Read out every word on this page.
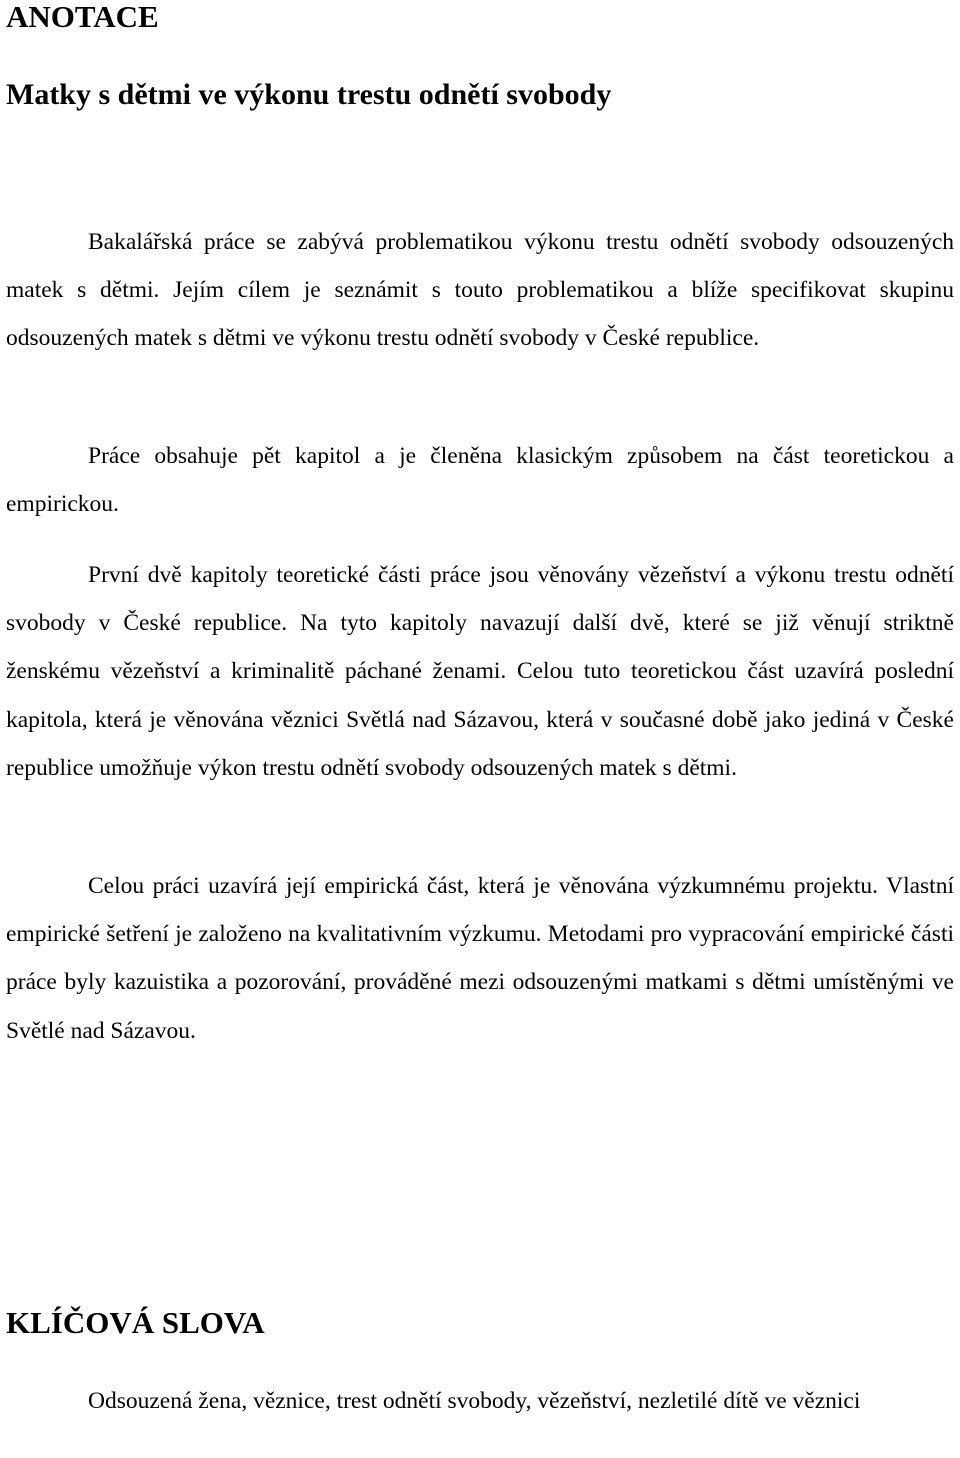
ANOTACE
Matky s dětmi ve výkonu trestu odnětí svobody

Bakalářská práce se zabývá problematikou výkonu trestu odnětí svobody odsouzených matek s dětmi. Jejím cílem je seznámit s touto problematikou a blíže specifikovat skupinu odsouzených matek s dětmi ve výkonu trestu odnětí svobody v České republice.

Práce obsahuje pět kapitol a je členěna klasickým způsobem na část teoretickou a empirickou.

První dvě kapitoly teoretické části práce jsou věnovány vězeňství a výkonu trestu odnětí svobody v České republice. Na tyto kapitoly navazují další dvě, které se již věnují striktně ženskému vězeňství a kriminalitě páchané ženami. Celou tuto teoretickou část uzavírá poslední kapitola, která je věnována věznici Světlá nad Sázavou, která v současné době jako jediná v České republice umožňuje výkon trestu odnětí svobody odsouzených matek s dětmi.

Celou práci uzavírá její empirická část, která je věnována výzkumnému projektu. Vlastní empirické šetření je založeno na kvalitativním výzkumu. Metodami pro vypracování empirické části práce byly kazuistika a pozorování, prováděné mezi odsouzenými matkami s dětmi umístěnými ve Světlé nad Sázavou.

KLÍČOVÁ SLOVA

Odsouzená žena, věznice, trest odnětí svobody, vězeňství, nezletilé dítě ve věznici
